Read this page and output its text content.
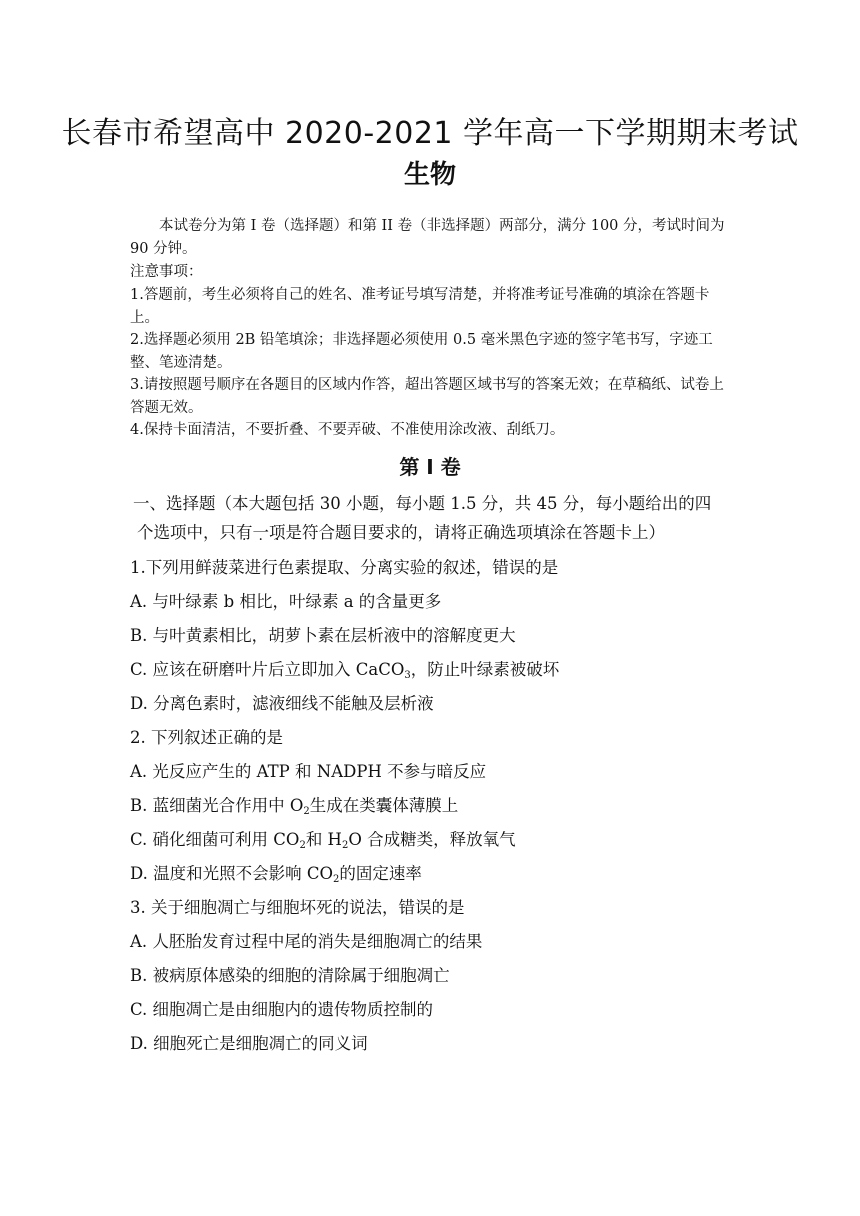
长春市希望高中 2020-2021 学年高一下学期期末考试
生物
本试卷分为第 I 卷（选择题）和第 II 卷（非选择题）两部分，满分 100 分，考试时间为 90 分钟。
注意事项：
1.答题前，考生必须将自己的姓名、准考证号填写清楚，并将准考证号准确的填涂在答题卡上。
2.选择题必须用 2B 铅笔填涂；非选择题必须使用 0.5 毫米黑色字迹的签字笔书写，字迹工整、笔迹清楚。
3.请按照题号顺序在各题目的区域内作答，超出答题区域书写的答案无效；在草稿纸、试卷上答题无效。
4.保持卡面清洁，不要折叠、不要弄破、不准使用涂改液、刮纸刀。
第 I 卷
一、选择题（本大题包括 30 小题，每小题 1.5 分，共 45 分，每小题给出的四
个选项中，只有一项是符合题目要求的，请将正确选项填涂在答题卡上）
1.下列用鲜菠菜进行色素提取、分离实验的叙述，错误的是
A. 与叶绿素 b 相比，叶绿素 a 的含量更多
B. 与叶黄素相比，胡萝卜素在层析液中的溶解度更大
C. 应该在研磨叶片后立即加入 CaCO$_3$，防止叶绿素被破坏
D. 分离色素时，滤液细线不能触及层析液
2. 下列叙述正确的是
A. 光反应产生的 ATP 和 NADPH 不参与暗反应
B. 蓝细菌光合作用中 $O_2$生成在类囊体薄膜上
C. 硝化细菌可利用 $CO_2$和 $H_2O$ 合成糖类，释放氧气
D. 温度和光照不会影响 $CO_2$的固定速率
3. 关于细胞凋亡与细胞坏死的说法，错误的是
A. 人胚胎发育过程中尾的消失是细胞凋亡的结果
B. 被病原体感染的细胞的清除属于细胞凋亡
C. 细胞凋亡是由细胞内的遗传物质控制的
D. 细胞死亡是细胞凋亡的同义词
